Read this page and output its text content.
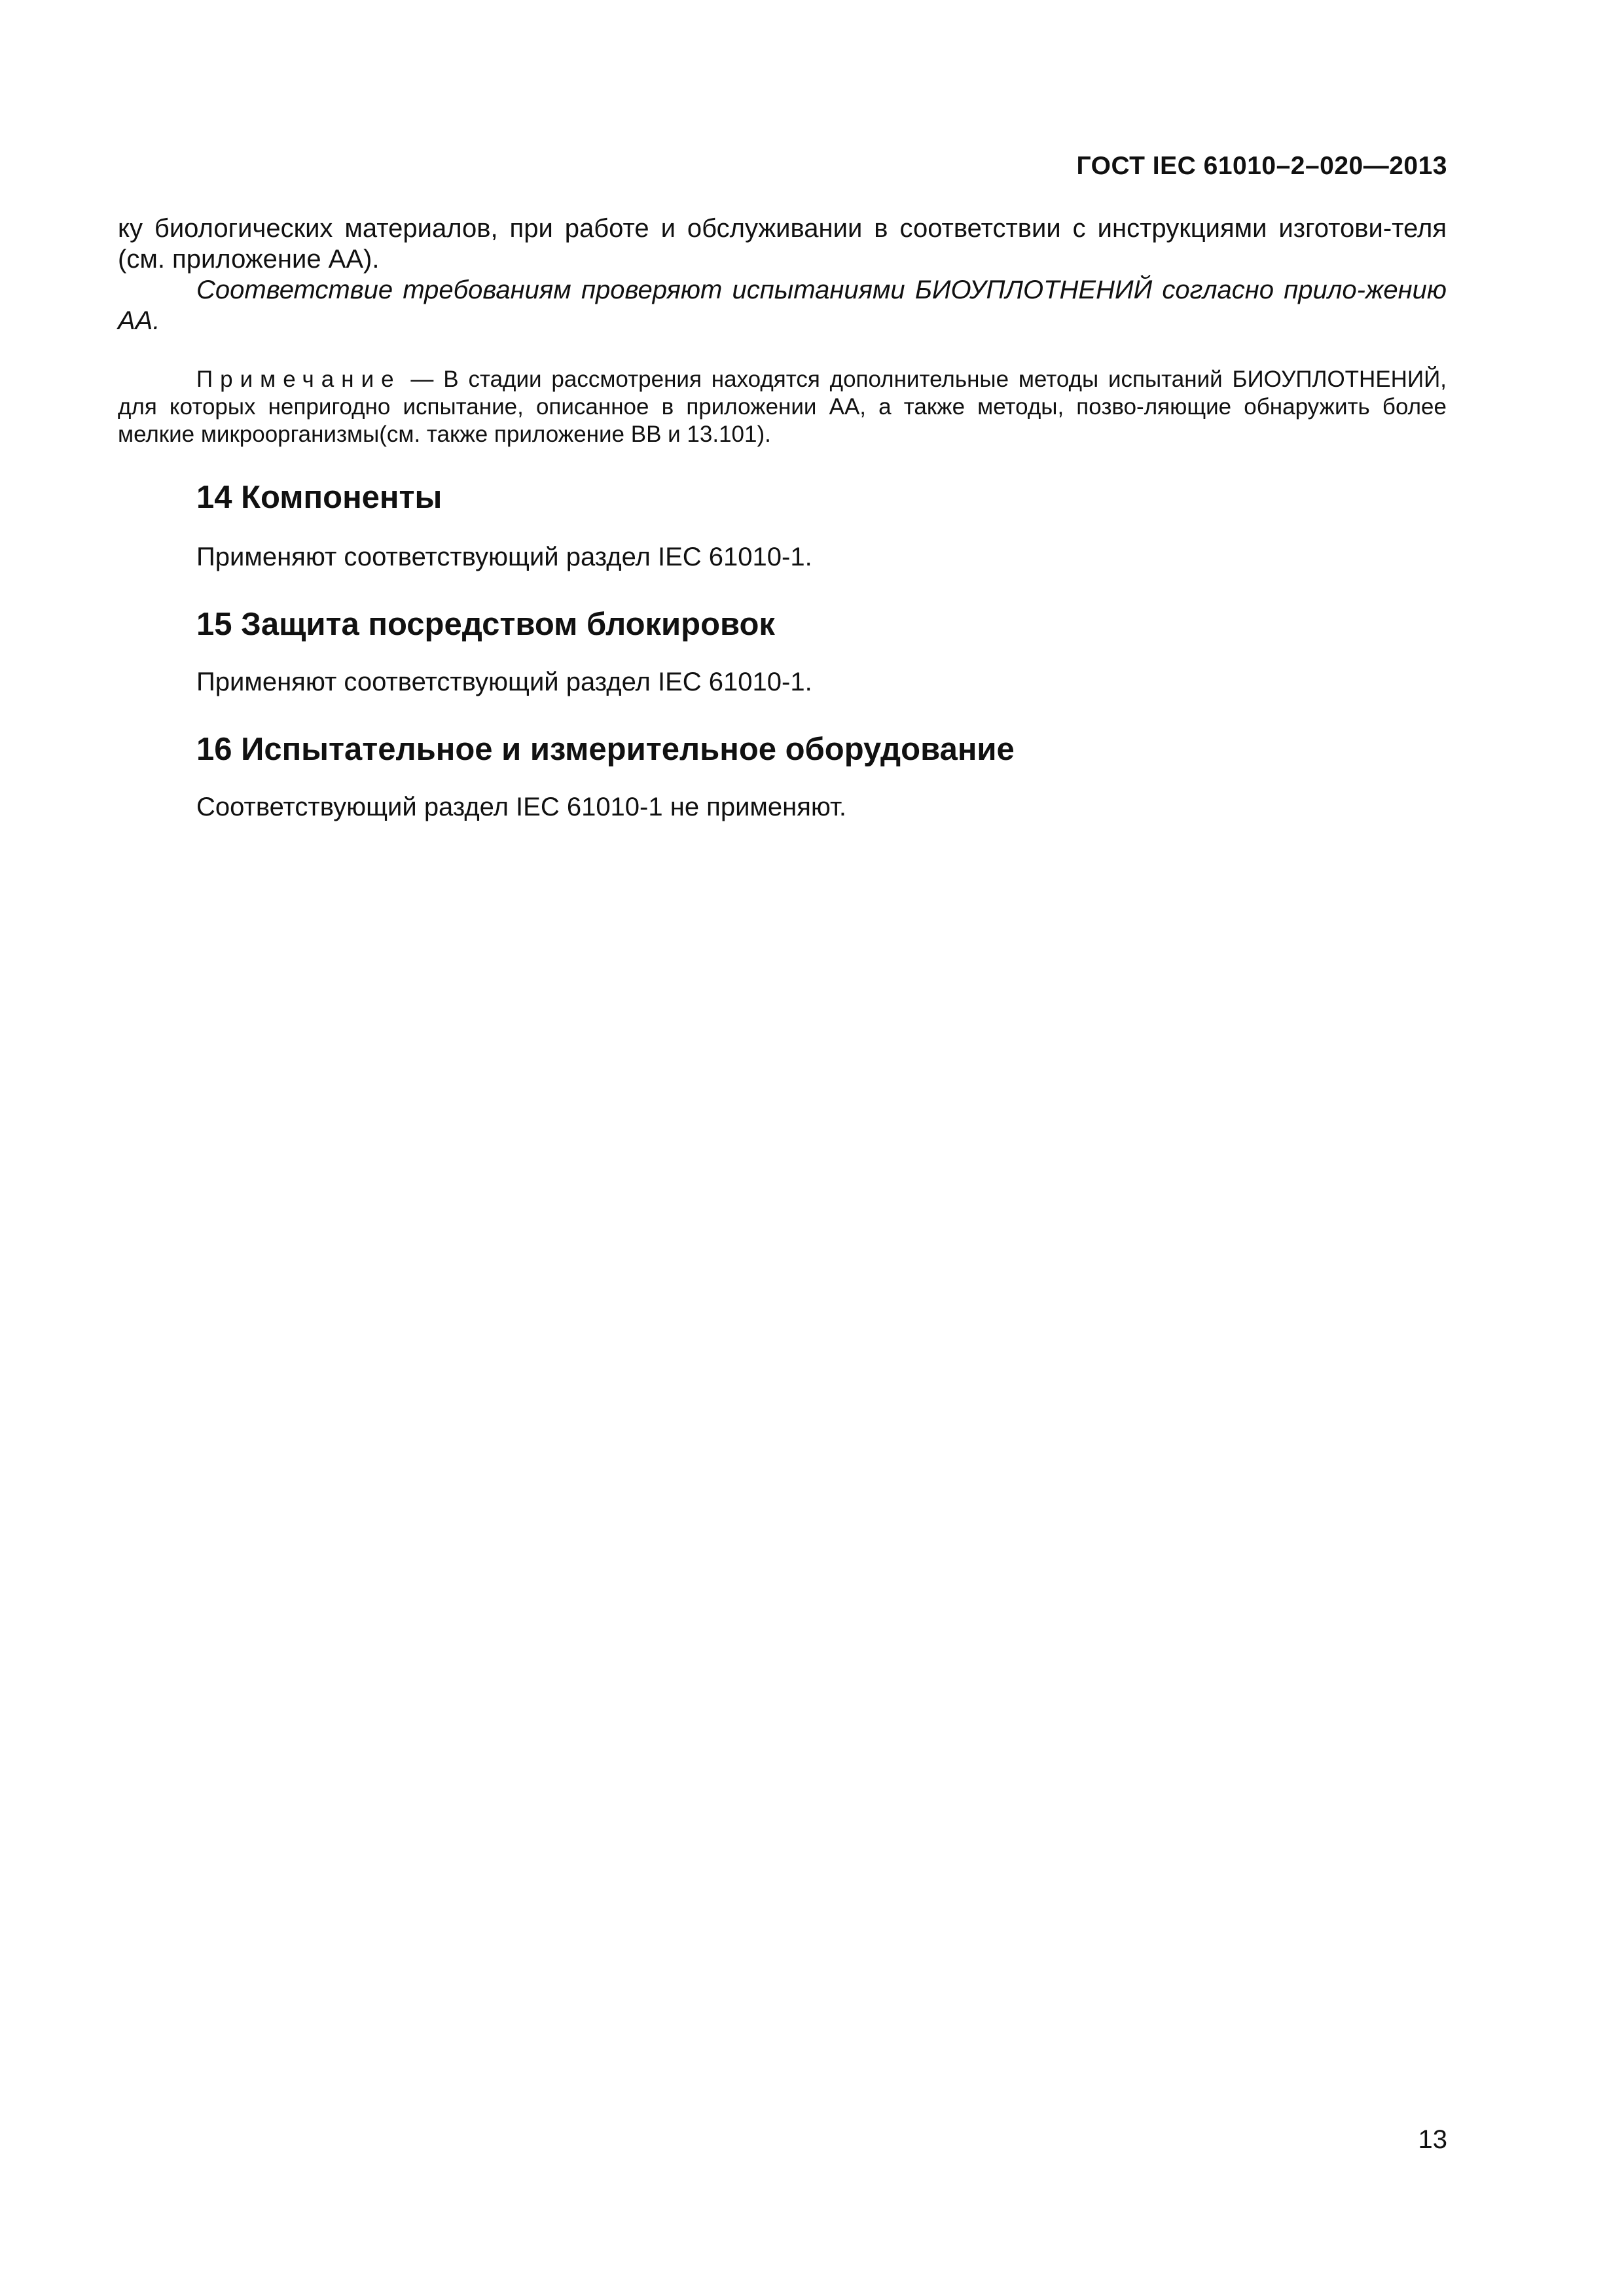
ГОСТ IEC 61010–2–020—2013

ку биологических материалов, при работе и обслуживании в соответствии с инструкциями изготови-теля (см. приложение АА).

Соответствие требованиям проверяют испытаниями БИОУПЛОТНЕНИЙ согласно прило-жению АА.

Примечание — В стадии рассмотрения находятся дополнительные методы испытаний БИОУПЛОТНЕНИЙ, для которых непригодно испытание, описанное в приложении АА, а также методы, позво-ляющие обнаружить более мелкие микроорганизмы(см. также приложение ВВ и 13.101).

14 Компоненты

Применяют соответствующий раздел IEC 61010-1.

15 Защита посредством блокировок

Применяют соответствующий раздел IEC 61010-1.

16 Испытательное и измерительное оборудование

Соответствующий раздел IEC 61010-1 не применяют.

13
